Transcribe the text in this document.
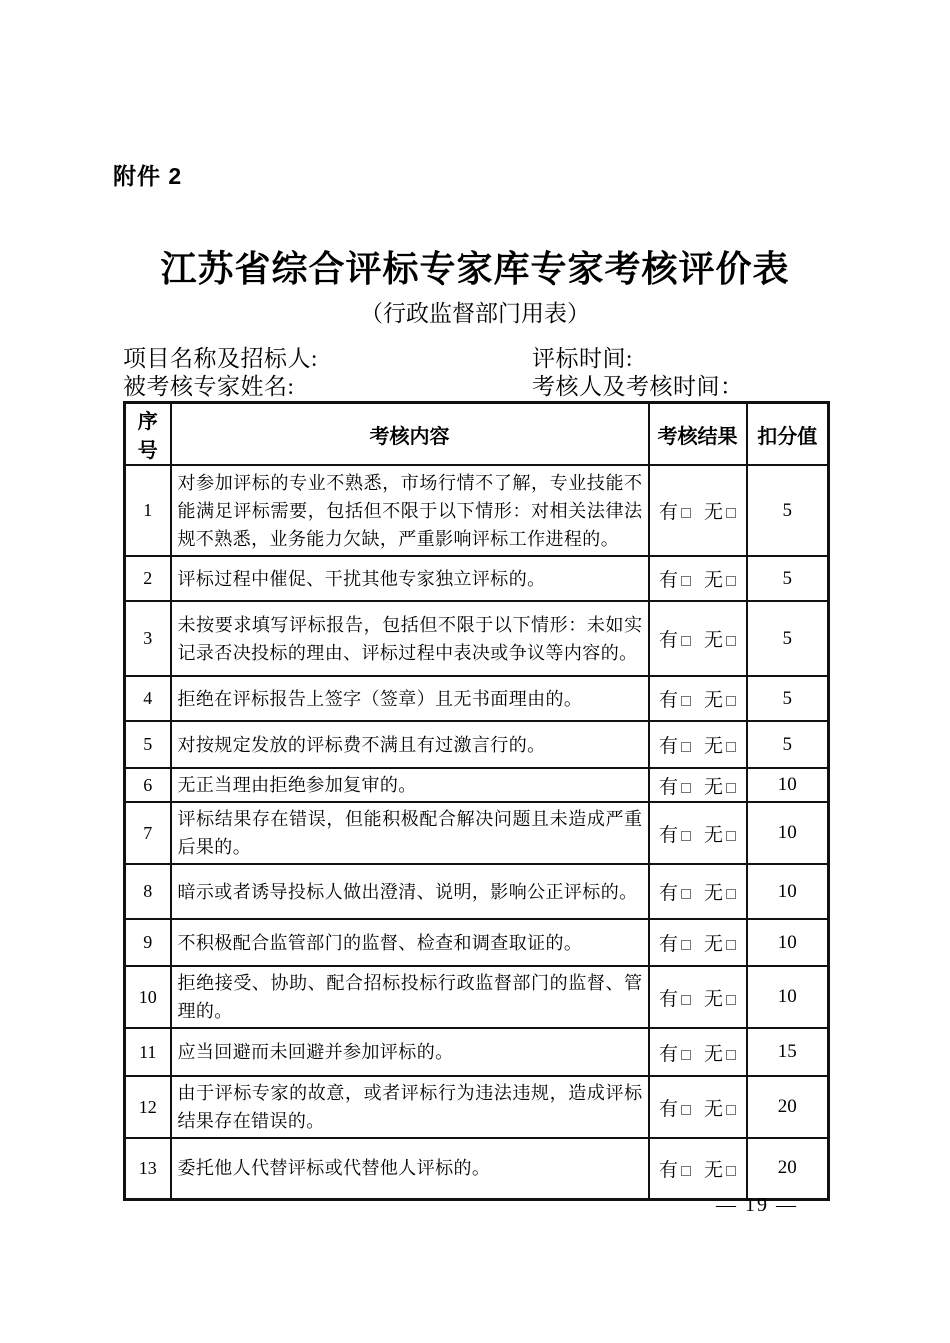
附件 2
江苏省综合评标专家库专家考核评价表
（行政监督部门用表）
项目名称及招标人:	评标时间:
被考核专家姓名:	考核人及考核时间：
序号	考核内容	考核结果	扣分值
1	对参加评标的专业不熟悉，市场行情不了解，专业技能不能满足评标需要，包括但不限于以下情形：对相关法律法规不熟悉，业务能力欠缺，严重影响评标工作进程的。	有 无	5
2	评标过程中催促、干扰其他专家独立评标的。	有 无	5
3	未按要求填写评标报告，包括但不限于以下情形：未如实记录否决投标的理由、评标过程中表决或争议等内容的。	有 无	5
4	拒绝在评标报告上签字（签章）且无书面理由的。	有 无	5
5	对按规定发放的评标费不满且有过激言行的。	有 无	5
6	无正当理由拒绝参加复审的。	有 无	10
7	评标结果存在错误，但能积极配合解决问题且未造成严重后果的。	有 无	10
8	暗示或者诱导投标人做出澄清、说明，影响公正评标的。	有 无	10
9	不积极配合监管部门的监督、检查和调查取证的。	有 无	10
10	拒绝接受、协助、配合招标投标行政监督部门的监督、管理的。	有 无	10
11	应当回避而未回避并参加评标的。	有 无	15
12	由于评标专家的故意，或者评标行为违法违规，造成评标结果存在错误的。	有 无	20
13	委托他人代替评标或代替他人评标的。	有 无	20
— 19 —
